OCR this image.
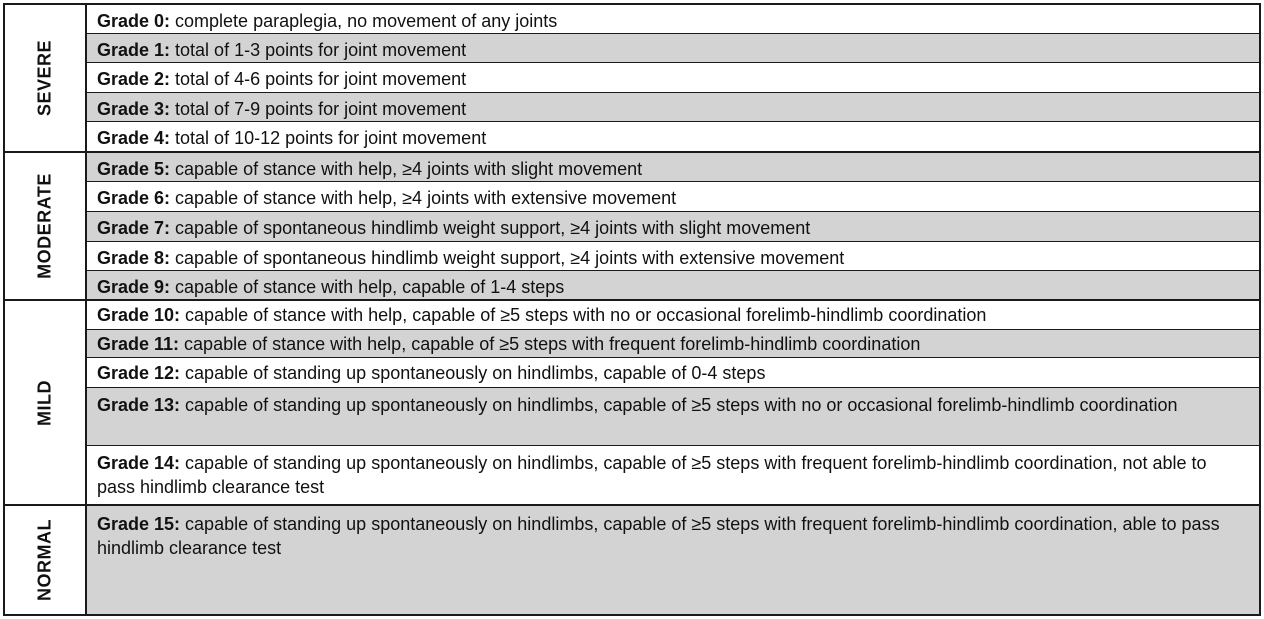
SEVERE
Grade 0: complete paraplegia, no movement of any joints
Grade 1: total of 1-3 points for joint movement
Grade 2: total of 4-6 points for joint movement
Grade 3: total of 7-9 points for joint movement
Grade 4: total of 10-12 points for joint movement
MODERATE
Grade 5: capable of stance with help, ≥4 joints with slight movement
Grade 6: capable of stance with help, ≥4 joints with extensive movement
Grade 7: capable of spontaneous hindlimb weight support, ≥4 joints with slight movement
Grade 8: capable of spontaneous hindlimb weight support, ≥4 joints with extensive movement
Grade 9: capable of stance with help, capable of 1-4 steps
MILD
Grade 10: capable of stance with help, capable of ≥5 steps with no or occasional forelimb-hindlimb coordination
Grade 11: capable of stance with help, capable of ≥5 steps with frequent forelimb-hindlimb coordination
Grade 12: capable of standing up spontaneously on hindlimbs, capable of 0-4 steps
Grade 13: capable of standing up spontaneously on hindlimbs, capable of ≥5 steps with no or occasional forelimb-hindlimb coordination
Grade 14: capable of standing up spontaneously on hindlimbs, capable of ≥5 steps with frequent forelimb-hindlimb coordination, not able to pass hindlimb clearance test
NORMAL	Grade 15: capable of standing up spontaneously on hindlimbs, capable of ≥5 steps with frequent forelimb-hindlimb coordination, able to pass hindlimb clearance test
